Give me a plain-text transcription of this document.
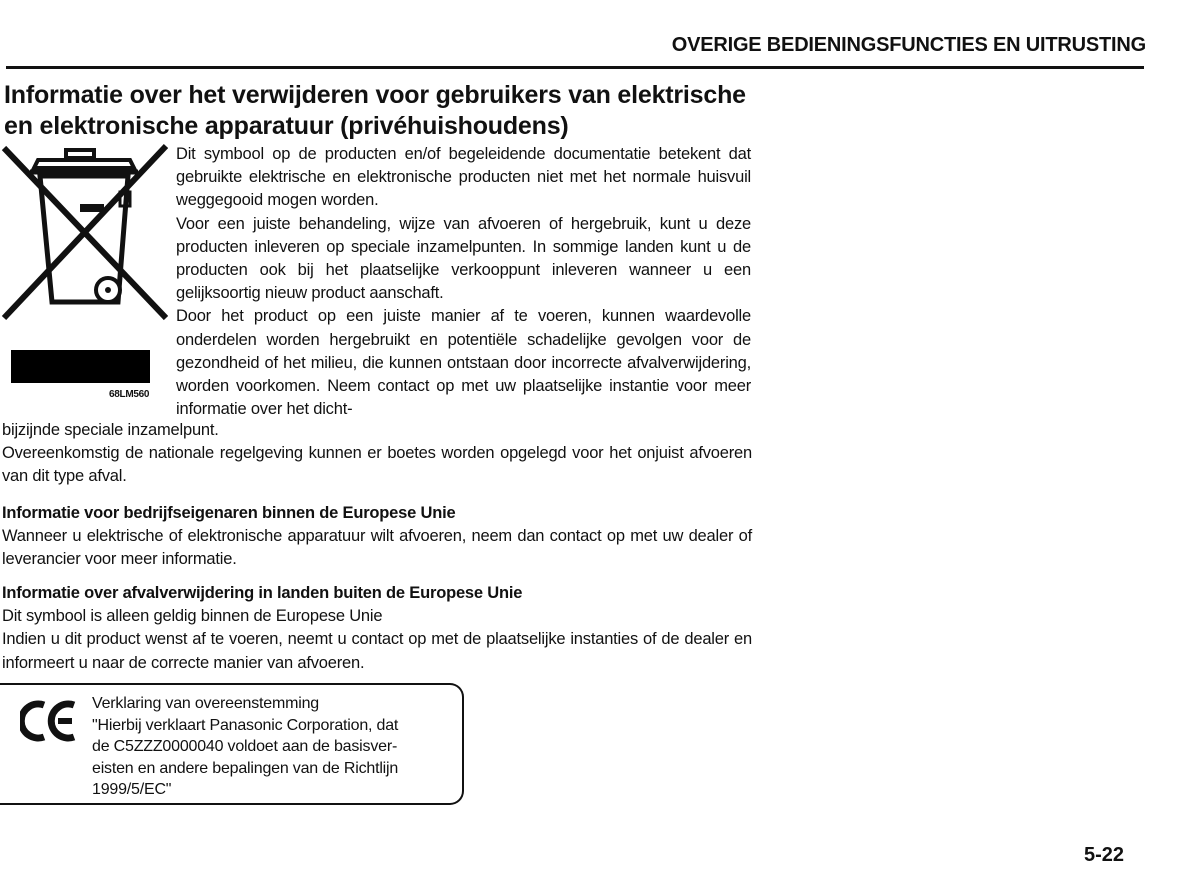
OVERIGE BEDIENINGSFUNCTIES EN UITRUSTING
Informatie over het verwijderen voor gebruikers van elektrische en elektronische apparatuur (privéhuishoudens)
68LM560

Dit symbool op de producten en/of begeleidende documentatie betekent dat gebruikte elektrische en elektronische producten niet met het normale huisvuil weggegooid mogen worden.

Voor een juiste behandeling, wijze van afvoeren of hergebruik, kunt u deze producten inleveren op speciale inzamelpunten. In sommige landen kunt u de producten ook bij het plaatselijke verkooppunt inleveren wanneer u een gelijksoortig nieuw product aanschaft.

Door het product op een juiste manier af te voeren, kunnen waardevolle onderdelen worden hergebruikt en potentiële schadelijke gevolgen voor de gezondheid of het milieu, die kunnen ontstaan door incorrecte afvalverwijdering, worden voorkomen. Neem contact op met uw plaatselijke instantie voor meer informatie over het dicht-

bijzijnde speciale inzamelpunt.

Overeenkomstig de nationale regelgeving kunnen er boetes worden opgelegd voor het onjuist afvoeren van dit type afval.

Informatie voor bedrijfseigenaren binnen de Europese Unie

Wanneer u elektrische of elektronische apparatuur wilt afvoeren, neem dan contact op met uw dealer of leverancier voor meer informatie.

Informatie over afvalverwijdering in landen buiten de Europese Unie

Dit symbool is alleen geldig binnen de Europese Unie

Indien u dit product wenst af te voeren, neemt u contact op met de plaatselijke instanties of de dealer en informeert u naar de correcte manier van afvoeren.

Verklaring van overeenstemming

"Hierbij verklaart Panasonic Corporation, dat

de C5ZZZ0000040 voldoet aan de basisver-

eisten en andere bepalingen van de Richtlijn

1999/5/EC"

5-22
